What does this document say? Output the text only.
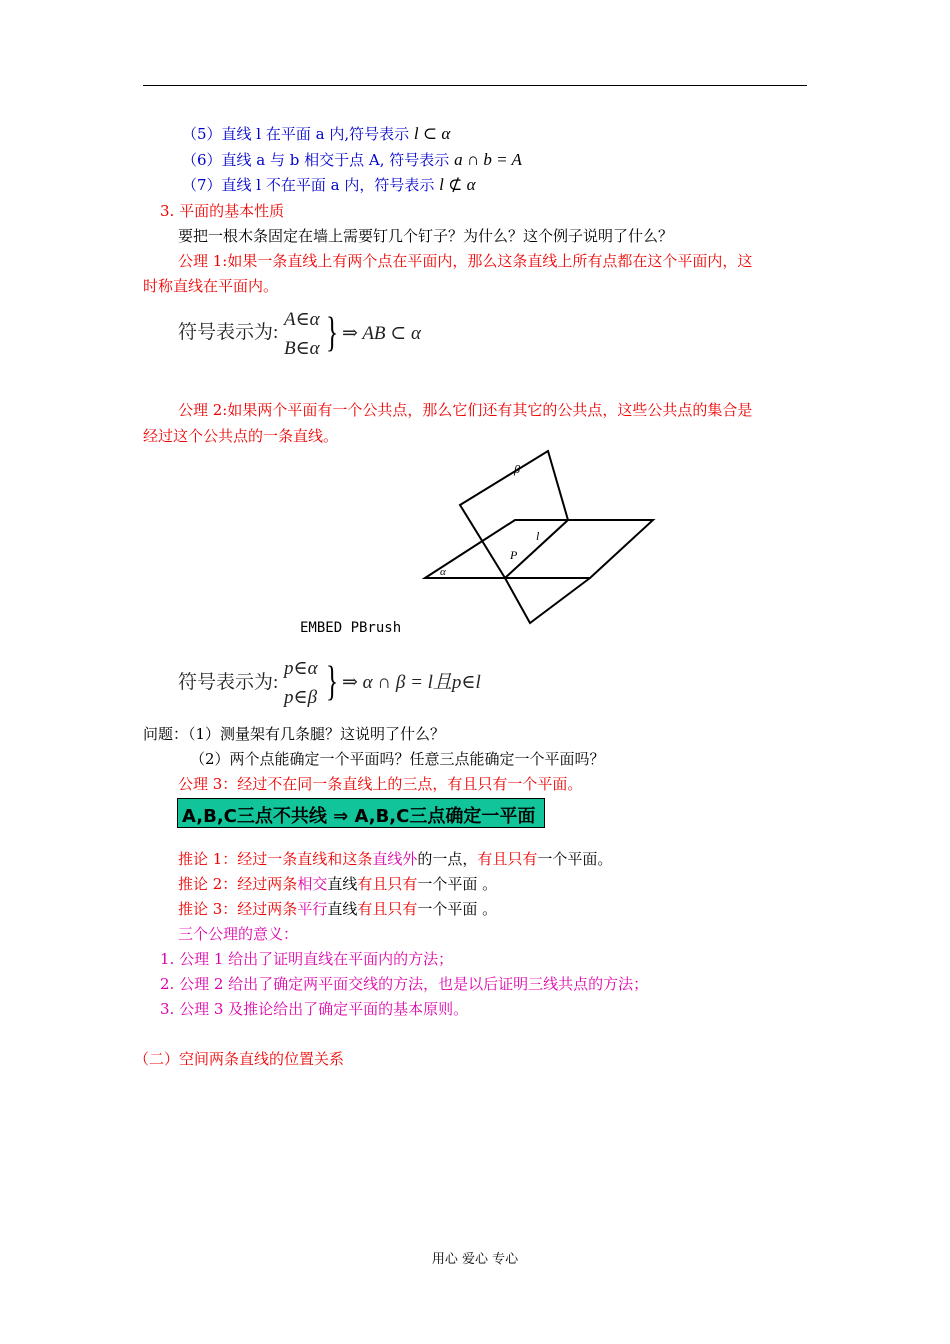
（5）直线 l 在平面 a 内,符号表示 l ⊂ α
（6）直线 a 与 b 相交于点 A, 符号表示 a ∩ b = A
（7）直线 l 不在平面 a 内，符号表示 l ⊄ α
3. 平面的基本性质
要把一根木条固定在墙上需要钉几个钉子？为什么？这个例子说明了什么？
公理 1:如果一条直线上有两个点在平面内，那么这条直线上所有点都在这个平面内，这
时称直线在平面内。
符号表示为:
A∈α
B∈α } ⇒ AB ⊂ α
公理 2:如果两个平面有一个公共点，那么它们还有其它的公共点，这些公共点的集合是
经过这个公共点的一条直线。
β
l
P
α
EMBED PBrush
符号表示为:
p∈α
p∈β } ⇒ α ∩ β = l且p∈l
问题：（1）测量架有几条腿？这说明了什么？
（2）两个点能确定一个平面吗？任意三点能确定一个平面吗？
公理 3：经过不在同一条直线上的三点，有且只有一个平面。
A,B,C三点不共线 ⇒ A,B,C三点确定一平面
推论 1：经过一条直线和这条直线外的一点，有且只有一个平面。
推论 2：经过两条相交直线有且只有一个平面 。
推论 3：经过两条平行直线有且只有一个平面 。
三个公理的意义：
1. 公理 1 给出了证明直线在平面内的方法；
2. 公理 2 给出了确定两平面交线的方法，也是以后证明三线共点的方法；
3. 公理 3 及推论给出了确定平面的基本原则。
（二）空间两条直线的位置关系
用心 爱心 专心
